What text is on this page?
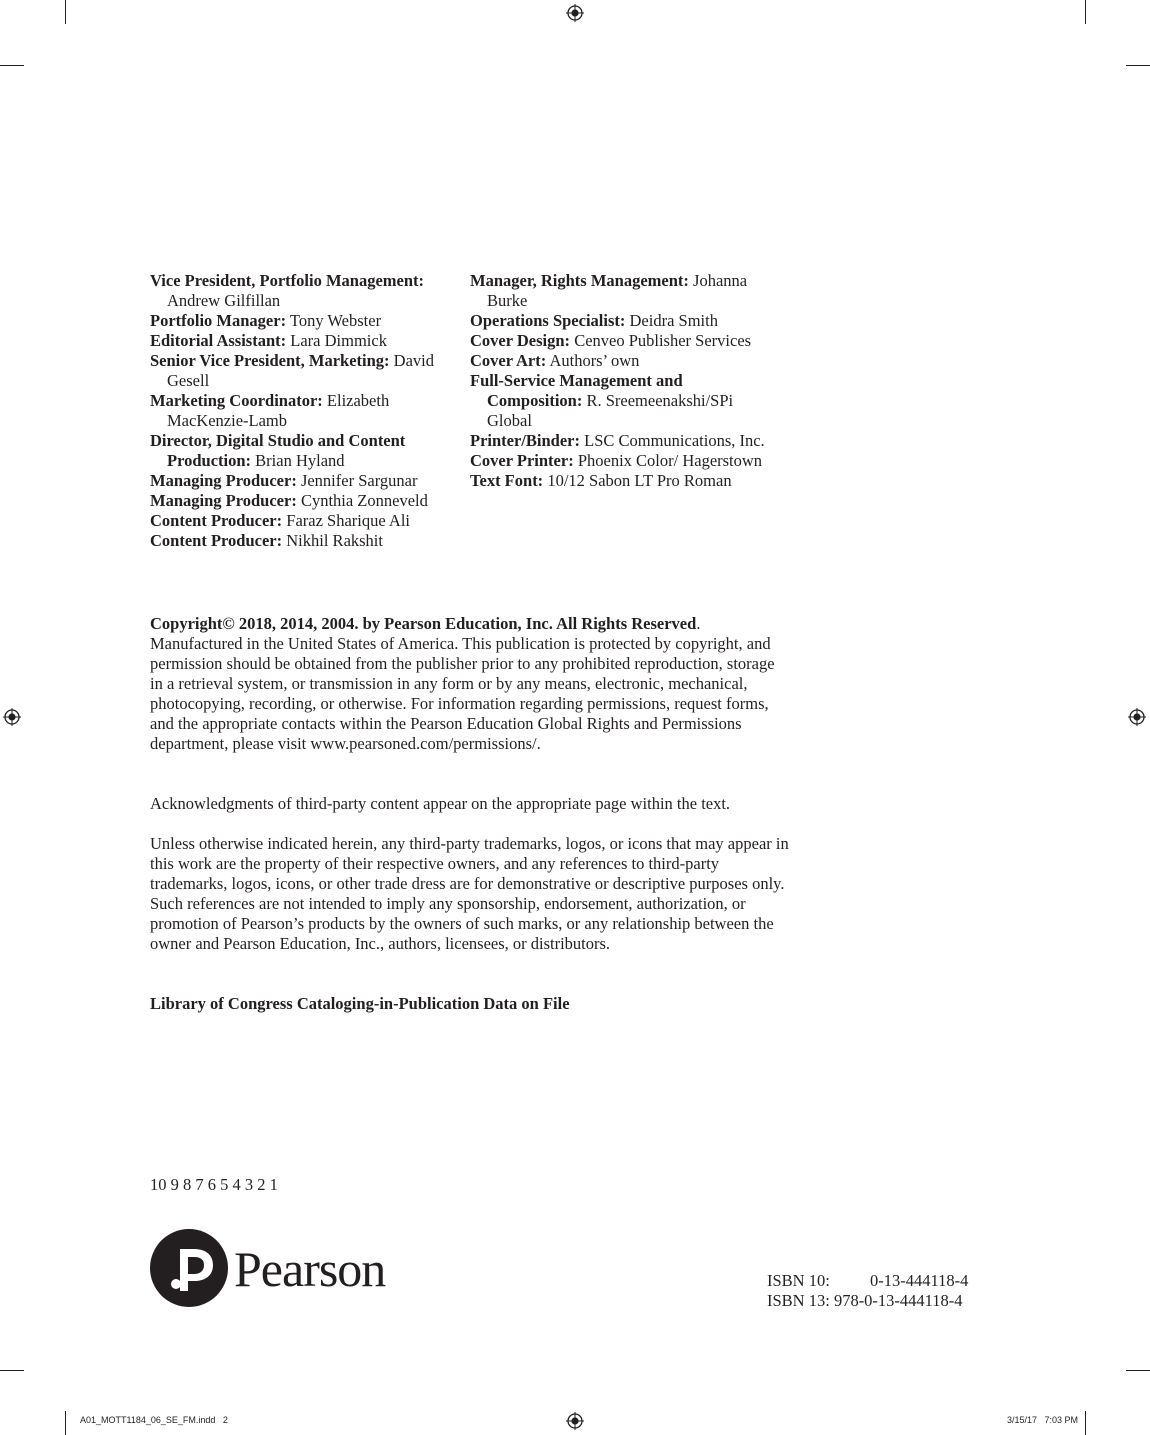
Vice President, Portfolio Management: Andrew Gilfillan
Portfolio Manager: Tony Webster
Editorial Assistant: Lara Dimmick
Senior Vice President, Marketing: David Gesell
Marketing Coordinator: Elizabeth MacKenzie-Lamb
Director, Digital Studio and Content Production: Brian Hyland
Managing Producer: Jennifer Sargunar
Managing Producer: Cynthia Zonneveld
Content Producer: Faraz Sharique Ali
Content Producer: Nikhil Rakshit
Manager, Rights Management: Johanna Burke
Operations Specialist: Deidra Smith
Cover Design: Cenveo Publisher Services
Cover Art: Authors’ own
Full-Service Management and Composition: R. Sreemeenakshi/SPi Global
Printer/Binder: LSC Communications, Inc.
Cover Printer: Phoenix Color/ Hagerstown
Text Font: 10/12 Sabon LT Pro Roman
Copyright© 2018, 2014, 2004. by Pearson Education, Inc. All Rights Reserved. Manufactured in the United States of America. This publication is protected by copyright, and permission should be obtained from the publisher prior to any prohibited reproduction, storage in a retrieval system, or transmission in any form or by any means, electronic, mechanical, photocopying, recording, or otherwise. For information regarding permissions, request forms, and the appropriate contacts within the Pearson Education Global Rights and Permissions department, please visit www.pearsoned.com/permissions/.
Acknowledgments of third-party content appear on the appropriate page within the text.
Unless otherwise indicated herein, any third-party trademarks, logos, or icons that may appear in this work are the property of their respective owners, and any references to third-party trademarks, logos, icons, or other trade dress are for demonstrative or descriptive purposes only. Such references are not intended to imply any sponsorship, endorsement, authorization, or promotion of Pearson’s products by the owners of such marks, or any relationship between the owner and Pearson Education, Inc., authors, licensees, or distributors.
Library of Congress Cataloging-in-Publication Data on File
10 9 8 7 6 5 4 3 2 1
Pearson	ISBN 10: 0-13-444118-4
ISBN 13: 978-0-13-444118-4
A01_MOTT1184_06_SE_FM.indd   2	3/15/17   7:03 PM
